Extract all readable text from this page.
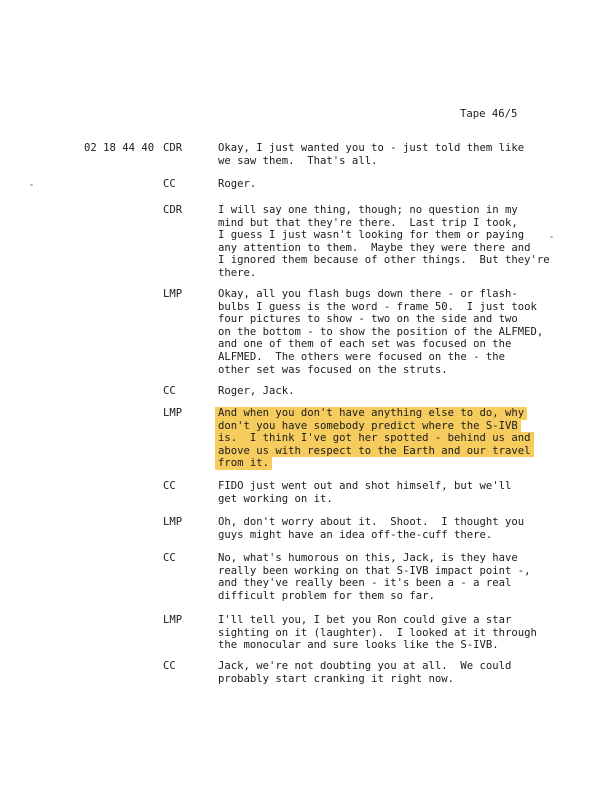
Tape 46/5
02 18 44 40 CDR	Okay, I just wanted you to - just told them like
we saw them.  That's all.
CC	Roger.
CDR	I will say one thing, though; no question in my
mind but that they're there.  Last trip I took,
I guess I just wasn't looking for them or paying
any attention to them.  Maybe they were there and
I ignored them because of other things.  But they're
there.
LMP	Okay, all you flash bugs down there - or flash-
bulbs I guess is the word - frame 50.  I just took
four pictures to show - two on the side and two
on the bottom - to show the position of the ALFMED,
and one of them of each set was focused on the
ALFMED.  The others were focused on the - the
other set was focused on the struts.
CC	Roger, Jack.
LMP	And when you don't have anything else to do, why
don't you have somebody predict where the S-IVB
is.  I think I've got her spotted - behind us and
above us with respect to the Earth and our travel
from it.
CC	FIDO just went out and shot himself, but we'll
get working on it.
LMP	Oh, don't worry about it.  Shoot.  I thought you
guys might have an idea off-the-cuff there.
CC	No, what's humorous on this, Jack, is they have
really been working on that S-IVB impact point -,
and they've really been - it's been a - a real
difficult problem for them so far.
LMP	I'll tell you, I bet you Ron could give a star
sighting on it (laughter).  I looked at it through
the monocular and sure looks like the S-IVB.
CC	Jack, we're not doubting you at all.  We could
probably start cranking it right now.
